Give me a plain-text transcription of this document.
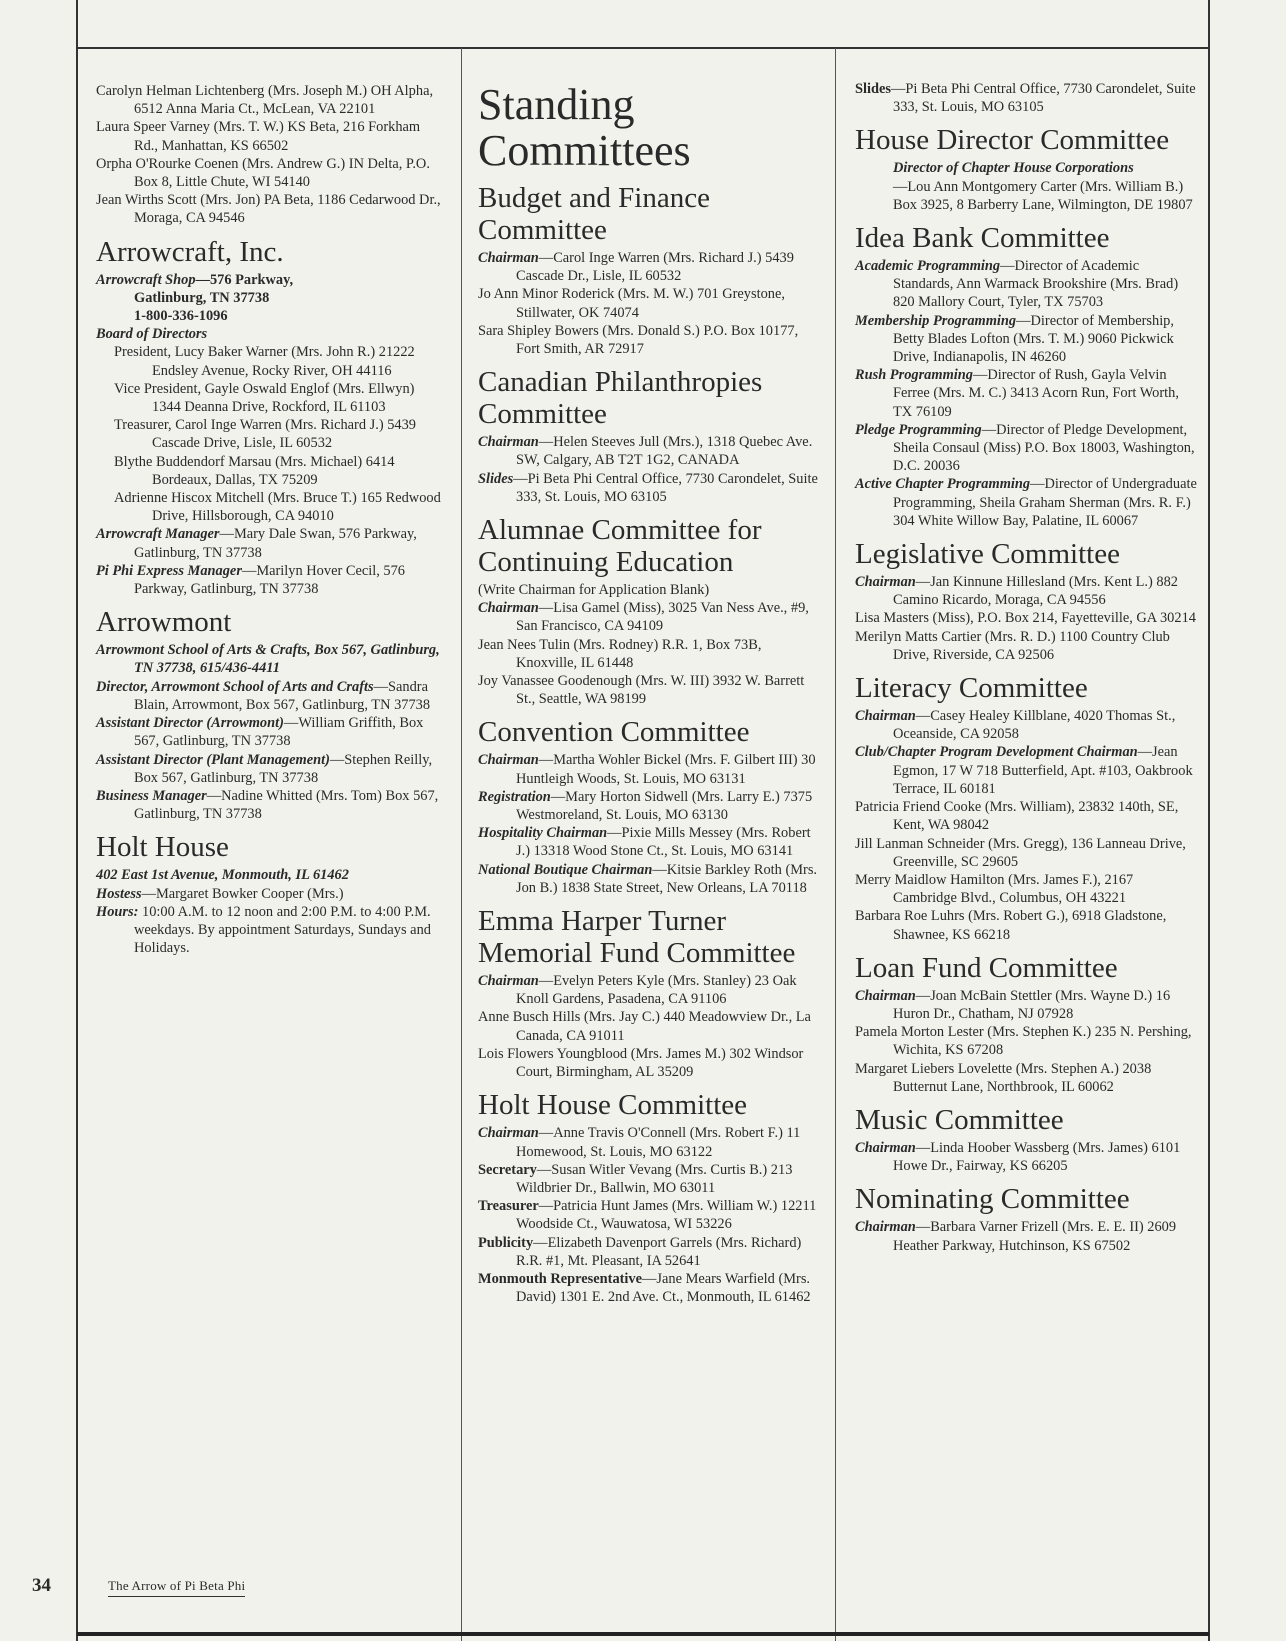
Carolyn Helman Lichtenberg (Mrs. Joseph M.) OH Alpha, 6512 Anna Maria Ct., McLean, VA 22101

Laura Speer Varney (Mrs. T. W.) KS Beta, 216 Forkham Rd., Manhattan, KS 66502

Orpha O'Rourke Coenen (Mrs. Andrew G.) IN Delta, P.O. Box 8, Little Chute, WI 54140

Jean Wirths Scott (Mrs. Jon) PA Beta, 1186 Cedarwood Dr., Moraga, CA 94546

Arrowcraft, Inc.

Arrowcraft Shop—576 Parkway,
Gatlinburg, TN 37738
1-800-336-1096

Board of Directors

President, Lucy Baker Warner (Mrs. John R.) 21222 Endsley Avenue, Rocky River, OH 44116

Vice President, Gayle Oswald Englof (Mrs. Ellwyn) 1344 Deanna Drive, Rockford, IL 61103

Treasurer, Carol Inge Warren (Mrs. Richard J.) 5439 Cascade Drive, Lisle, IL 60532

Blythe Buddendorf Marsau (Mrs. Michael) 6414 Bordeaux, Dallas, TX 75209

Adrienne Hiscox Mitchell (Mrs. Bruce T.) 165 Redwood Drive, Hillsborough, CA 94010

Arrowcraft Manager—Mary Dale Swan, 576 Parkway, Gatlinburg, TN 37738

Pi Phi Express Manager—Marilyn Hover Cecil, 576 Parkway, Gatlinburg, TN 37738

Arrowmont

Arrowmont School of Arts & Crafts, Box 567, Gatlinburg, TN 37738, 615/436-4411

Director, Arrowmont School of Arts and Crafts—Sandra Blain, Arrowmont, Box 567, Gatlinburg, TN 37738

Assistant Director (Arrowmont)—William Griffith, Box 567, Gatlinburg, TN 37738

Assistant Director (Plant Management)—Stephen Reilly, Box 567, Gatlinburg, TN 37738

Business Manager—Nadine Whitted (Mrs. Tom) Box 567, Gatlinburg, TN 37738

Holt House

402 East 1st Avenue, Monmouth, IL 61462

Hostess—Margaret Bowker Cooper (Mrs.)

Hours: 10:00 A.M. to 12 noon and 2:00 P.M. to 4:00 P.M. weekdays. By appointment Saturdays, Sundays and Holidays.

Standing Committees
Budget and Finance Committee

Chairman—Carol Inge Warren (Mrs. Richard J.) 5439 Cascade Dr., Lisle, IL 60532

Jo Ann Minor Roderick (Mrs. M. W.) 701 Greystone, Stillwater, OK 74074

Sara Shipley Bowers (Mrs. Donald S.) P.O. Box 10177, Fort Smith, AR 72917

Canadian Philanthropies Committee

Chairman—Helen Steeves Jull (Mrs.), 1318 Quebec Ave. SW, Calgary, AB T2T 1G2, CANADA

Slides—Pi Beta Phi Central Office, 7730 Carondelet, Suite 333, St. Louis, MO 63105

Alumnae Committee for Continuing Education

(Write Chairman for Application Blank)

Chairman—Lisa Gamel (Miss), 3025 Van Ness Ave., #9, San Francisco, CA 94109

Jean Nees Tulin (Mrs. Rodney) R.R. 1, Box 73B, Knoxville, IL 61448

Joy Vanassee Goodenough (Mrs. W. III) 3932 W. Barrett St., Seattle, WA 98199

Convention Committee

Chairman—Martha Wohler Bickel (Mrs. F. Gilbert III) 30 Huntleigh Woods, St. Louis, MO 63131

Registration—Mary Horton Sidwell (Mrs. Larry E.) 7375 Westmoreland, St. Louis, MO 63130

Hospitality Chairman—Pixie Mills Messey (Mrs. Robert J.) 13318 Wood Stone Ct., St. Louis, MO 63141

National Boutique Chairman—Kitsie Barkley Roth (Mrs. Jon B.) 1838 State Street, New Orleans, LA 70118

Emma Harper Turner Memorial Fund Committee

Chairman—Evelyn Peters Kyle (Mrs. Stanley) 23 Oak Knoll Gardens, Pasadena, CA 91106

Anne Busch Hills (Mrs. Jay C.) 440 Meadowview Dr., La Canada, CA 91011

Lois Flowers Youngblood (Mrs. James M.) 302 Windsor Court, Birmingham, AL 35209

Holt House Committee

Chairman—Anne Travis O'Connell (Mrs. Robert F.) 11 Homewood, St. Louis, MO 63122

Secretary—Susan Witler Vevang (Mrs. Curtis B.) 213 Wildbrier Dr., Ballwin, MO 63011

Treasurer—Patricia Hunt James (Mrs. William W.) 12211 Woodside Ct., Wauwatosa, WI 53226

Publicity—Elizabeth Davenport Garrels (Mrs. Richard) R.R. #1, Mt. Pleasant, IA 52641

Monmouth Representative—Jane Mears Warfield (Mrs. David) 1301 E. 2nd Ave. Ct., Monmouth, IL 61462

Slides—Pi Beta Phi Central Office, 7730 Carondelet, Suite 333, St. Louis, MO 63105

House Director Committee

Director of Chapter House Corporations

—Lou Ann Montgomery Carter (Mrs. William B.) Box 3925, 8 Barberry Lane, Wilmington, DE 19807

Idea Bank Committee

Academic Programming—Director of Academic Standards, Ann Warmack Brookshire (Mrs. Brad) 820 Mallory Court, Tyler, TX 75703

Membership Programming—Director of Membership, Betty Blades Lofton (Mrs. T. M.) 9060 Pickwick Drive, Indianapolis, IN 46260

Rush Programming—Director of Rush, Gayla Velvin Ferree (Mrs. M. C.) 3413 Acorn Run, Fort Worth, TX 76109

Pledge Programming—Director of Pledge Development, Sheila Consaul (Miss) P.O. Box 18003, Washington, D.C. 20036

Active Chapter Programming—Director of Undergraduate Programming, Sheila Graham Sherman (Mrs. R. F.) 304 White Willow Bay, Palatine, IL 60067

Legislative Committee

Chairman—Jan Kinnune Hillesland (Mrs. Kent L.) 882 Camino Ricardo, Moraga, CA 94556

Lisa Masters (Miss), P.O. Box 214, Fayetteville, GA 30214

Merilyn Matts Cartier (Mrs. R. D.) 1100 Country Club Drive, Riverside, CA 92506

Literacy Committee

Chairman—Casey Healey Killblane, 4020 Thomas St., Oceanside, CA 92058

Club/Chapter Program Development Chairman—Jean Egmon, 17 W 718 Butterfield, Apt. #103, Oakbrook Terrace, IL 60181

Patricia Friend Cooke (Mrs. William), 23832 140th, SE, Kent, WA 98042

Jill Lanman Schneider (Mrs. Gregg), 136 Lanneau Drive, Greenville, SC 29605

Merry Maidlow Hamilton (Mrs. James F.), 2167 Cambridge Blvd., Columbus, OH 43221

Barbara Roe Luhrs (Mrs. Robert G.), 6918 Gladstone, Shawnee, KS 66218

Loan Fund Committee

Chairman—Joan McBain Stettler (Mrs. Wayne D.) 16 Huron Dr., Chatham, NJ 07928

Pamela Morton Lester (Mrs. Stephen K.) 235 N. Pershing, Wichita, KS 67208

Margaret Liebers Lovelette (Mrs. Stephen A.) 2038 Butternut Lane, Northbrook, IL 60062

Music Committee

Chairman—Linda Hoober Wassberg (Mrs. James) 6101 Howe Dr., Fairway, KS 66205

Nominating Committee

Chairman—Barbara Varner Frizell (Mrs. E. E. II) 2609 Heather Parkway, Hutchinson, KS 67502

34	The Arrow of Pi Beta Phi
